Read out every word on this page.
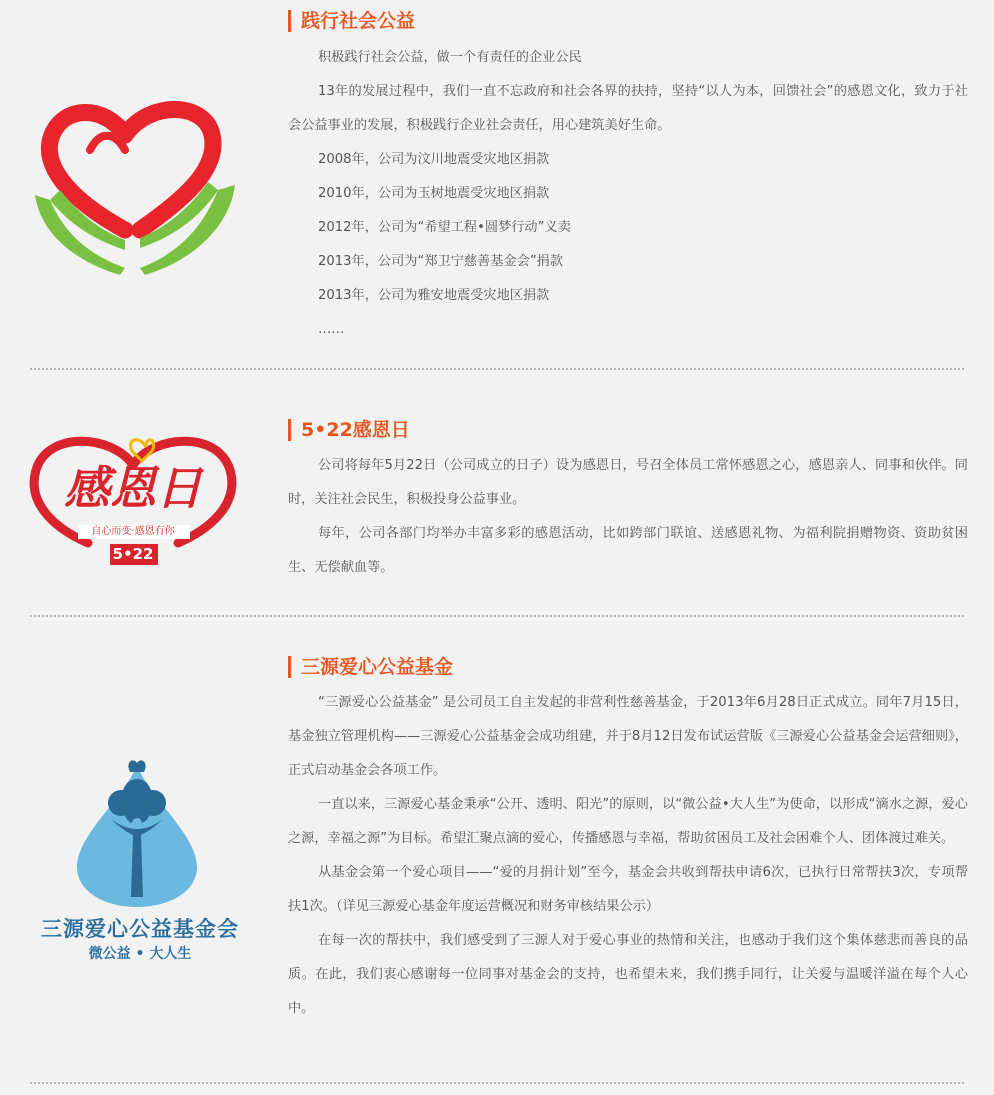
践行社会公益

积极践行社会公益，做一个有责任的企业公民

13年的发展过程中，我们一直不忘政府和社会各界的扶持，坚持“以人为本，回馈社会”的感恩文化，致力于社会公益事业的发展，积极践行企业社会责任，用心建筑美好生命。

2008年，公司为汶川地震受灾地区捐款

2010年，公司为玉树地震受灾地区捐款

2012年，公司为“希望工程•圆梦行动”义卖

2013年，公司为“郑卫宁慈善基金会”捐款

2013年，公司为雅安地震受灾地区捐款

……

感恩日
自心而变·感恩有你
5•22
5•22感恩日

公司将每年5月22日（公司成立的日子）设为感恩日，号召全体员工常怀感恩之心，感恩亲人、同事和伙伴。同时，关注社会民生，积极投身公益事业。

每年，公司各部门均举办丰富多彩的感恩活动，比如跨部门联谊、送感恩礼物、为福利院捐赠物资、资助贫困生、无偿献血等。

三源爱心公益基金会
微公益 • 大人生
三源爱心公益基金

“三源爱心公益基金” 是公司员工自主发起的非营利性慈善基金，于2013年6月28日正式成立。同年7月15日，基金独立管理机构——三源爱心公益基金会成功组建，并于8月12日发布试运营版《三源爱心公益基金会运营细则》，正式启动基金会各项工作。

一直以来，三源爱心基金秉承“公开、透明、阳光”的原则，以“微公益•大人生”为使命，以形成“滴水之源，爱心之源，幸福之源”为目标。希望汇聚点滴的爱心，传播感恩与幸福，帮助贫困员工及社会困难个人、团体渡过难关。

从基金会第一个爱心项目——“爱的月捐计划”至今，基金会共收到帮扶申请6次，已执行日常帮扶3次，专项帮扶1次。（详见三源爱心基金年度运营概况和财务审核结果公示）

在每一次的帮扶中，我们感受到了三源人对于爱心事业的热情和关注，也感动于我们这个集体慈悲而善良的品质。在此，我们衷心感谢每一位同事对基金会的支持，也希望未来，我们携手同行，让关爱与温暖洋溢在每个人心中。
